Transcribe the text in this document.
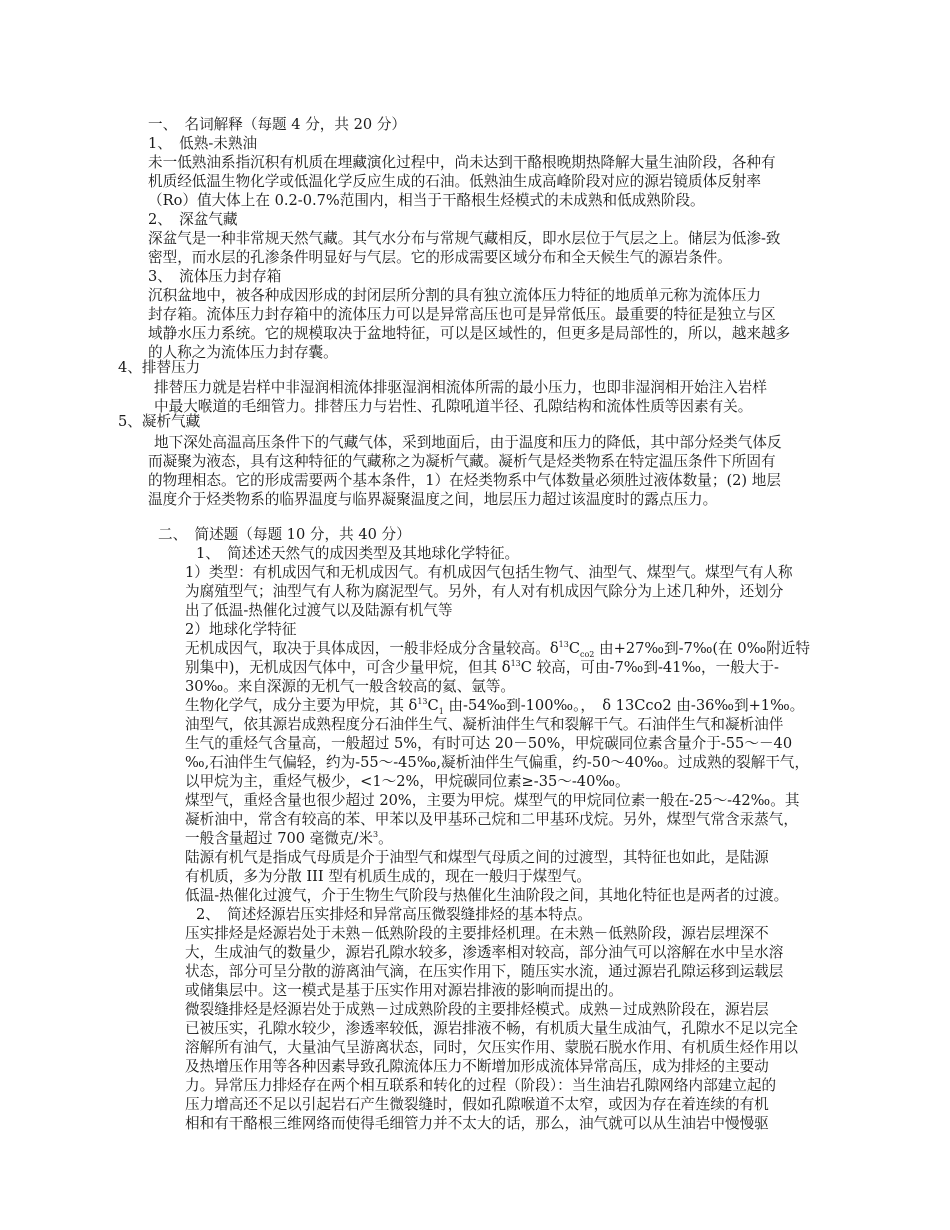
一、　名词解释（每题 4 分，共 20 分）
1、　低熟-未熟油
未一低熟油系指沉积有机质在埋藏演化过程中，尚未达到干酪根晚期热降解大量生油阶段，各种有
机质经低温生物化学或低温化学反应生成的石油。低熟油生成高峰阶段对应的源岩镜质体反射率
（Ro）值大体上在 0.2-0.7%范围内，相当于干酪根生烃模式的未成熟和低成熟阶段。
2、　深盆气藏
深盆气是一种非常规天然气藏。其气水分布与常规气藏相反，即水层位于气层之上。储层为低渗-致
密型，而水层的孔渗条件明显好与气层。它的形成需要区域分布和全天候生气的源岩条件。
3、　流体压力封存箱
沉积盆地中，被各种成因形成的封闭层所分割的具有独立流体压力特征的地质单元称为流体压力
封存箱。流体压力封存箱中的流体压力可以是异常高压也可是异常低压。最重要的特征是独立与区
域静水压力系统。它的规模取决于盆地特征，可以是区域性的，但更多是局部性的，所以，越来越多
的人称之为流体压力封存囊。
4、排替压力
排替压力就是岩样中非湿润相流体排驱湿润相流体所需的最小压力，也即非湿润相开始注入岩样
中最大喉道的毛细管力。排替压力与岩性、孔隙吼道半径、孔隙结构和流体性质等因素有关。
5、凝析气藏
地下深处高温高压条件下的气藏气体，采到地面后，由于温度和压力的降低，其中部分烃类气体反
而凝聚为液态，具有这种特征的气藏称之为凝析气藏。凝析气是烃类物系在特定温压条件下所固有
的物理相态。它的形成需要两个基本条件，1）在烃类物系中气体数量必须胜过液体数量；(2) 地层
温度介于烃类物系的临界温度与临界凝聚温度之间，地层压力超过该温度时的露点压力。
二、　简述题（每题 10 分，共 40 分）
1、　简述述天然气的成因类型及其地球化学特征。
1）类型：有机成因气和无机成因气。有机成因气包括生物气、油型气、煤型气。煤型气有人称
为腐殖型气；油型气有人称为腐泥型气。另外，有人对有机成因气除分为上述几种外，还划分
出了低温-热催化过渡气以及陆源有机气等
2）地球化学特征
无机成因气，取决于具体成因，一般非烃成分含量较高。$\delta^{13}C_{co2}$ 由+27‰到-7‰(在 0‰附近特
别集中)，无机成因气体中，可含少量甲烷，但其 $\delta^{13}C$ 较高，可由-7‰到-41‰，一般大于-
30‰。来自深源的无机气一般含较高的氦、氩等。
生物化学气，成分主要为甲烷，其 $\delta^{13}C_1$ 由-54‰到-100‰。，　δ 13Cco2 由-36‰到+1‰。
油型气，依其源岩成熟程度分石油伴生气、凝析油伴生气和裂解干气。石油伴生气和凝析油伴
生气的重烃气含量高，一般超过 5%，有时可达 20－50%，甲烷碳同位素含量介于-55～－40
‰,石油伴生气偏轻，约为-55～-45‰,凝析油伴生气偏重，约-50～40‰。过成熟的裂解干气，
以甲烷为主，重烃气极少，<1～2%，甲烷碳同位素≥-35～-40‰。
煤型气，重烃含量也很少超过 20%，主要为甲烷。煤型气的甲烷同位素一般在-25～-42‰。其
凝析油中，常含有较高的苯、甲苯以及甲基环己烷和二甲基环戊烷。另外，煤型气常含汞蒸气，
一般含量超过 700 毫微克/米$^3$。
陆源有机气是指成气母质是介于油型气和煤型气母质之间的过渡型，其特征也如此，是陆源
有机质，多为分散 III 型有机质生成的，现在一般归于煤型气。
低温-热催化过渡气，介于生物生气阶段与热催化生油阶段之间，其地化特征也是两者的过渡。
2、　简述烃源岩压实排烃和异常高压微裂缝排烃的基本特点。
压实排烃是烃源岩处于未熟－低熟阶段的主要排烃机理。在未熟－低熟阶段，源岩层埋深不
大，生成油气的数量少，源岩孔隙水较多，渗透率相对较高，部分油气可以溶解在水中呈水溶
状态，部分可呈分散的游离油气滴，在压实作用下，随压实水流，通过源岩孔隙运移到运载层
或储集层中。这一模式是基于压实作用对源岩排液的影响而提出的。
微裂缝排烃是烃源岩处于成熟－过成熟阶段的主要排烃模式。成熟－过成熟阶段在，源岩层
已被压实，孔隙水较少，渗透率较低，源岩排液不畅，有机质大量生成油气，孔隙水不足以完全
溶解所有油气，大量油气呈游离状态，同时，欠压实作用、蒙脱石脱水作用、有机质生烃作用以
及热增压作用等各种因素导致孔隙流体压力不断增加形成流体异常高压，成为排烃的主要动
力。异常压力排烃存在两个相互联系和转化的过程（阶段）：当生油岩孔隙网络内部建立起的
压力增高还不足以引起岩石产生微裂缝时，假如孔隙喉道不太窄，或因为存在着连续的有机
相和有干酪根三维网络而使得毛细管力并不太大的话，那么，油气就可以从生油岩中慢慢驱
